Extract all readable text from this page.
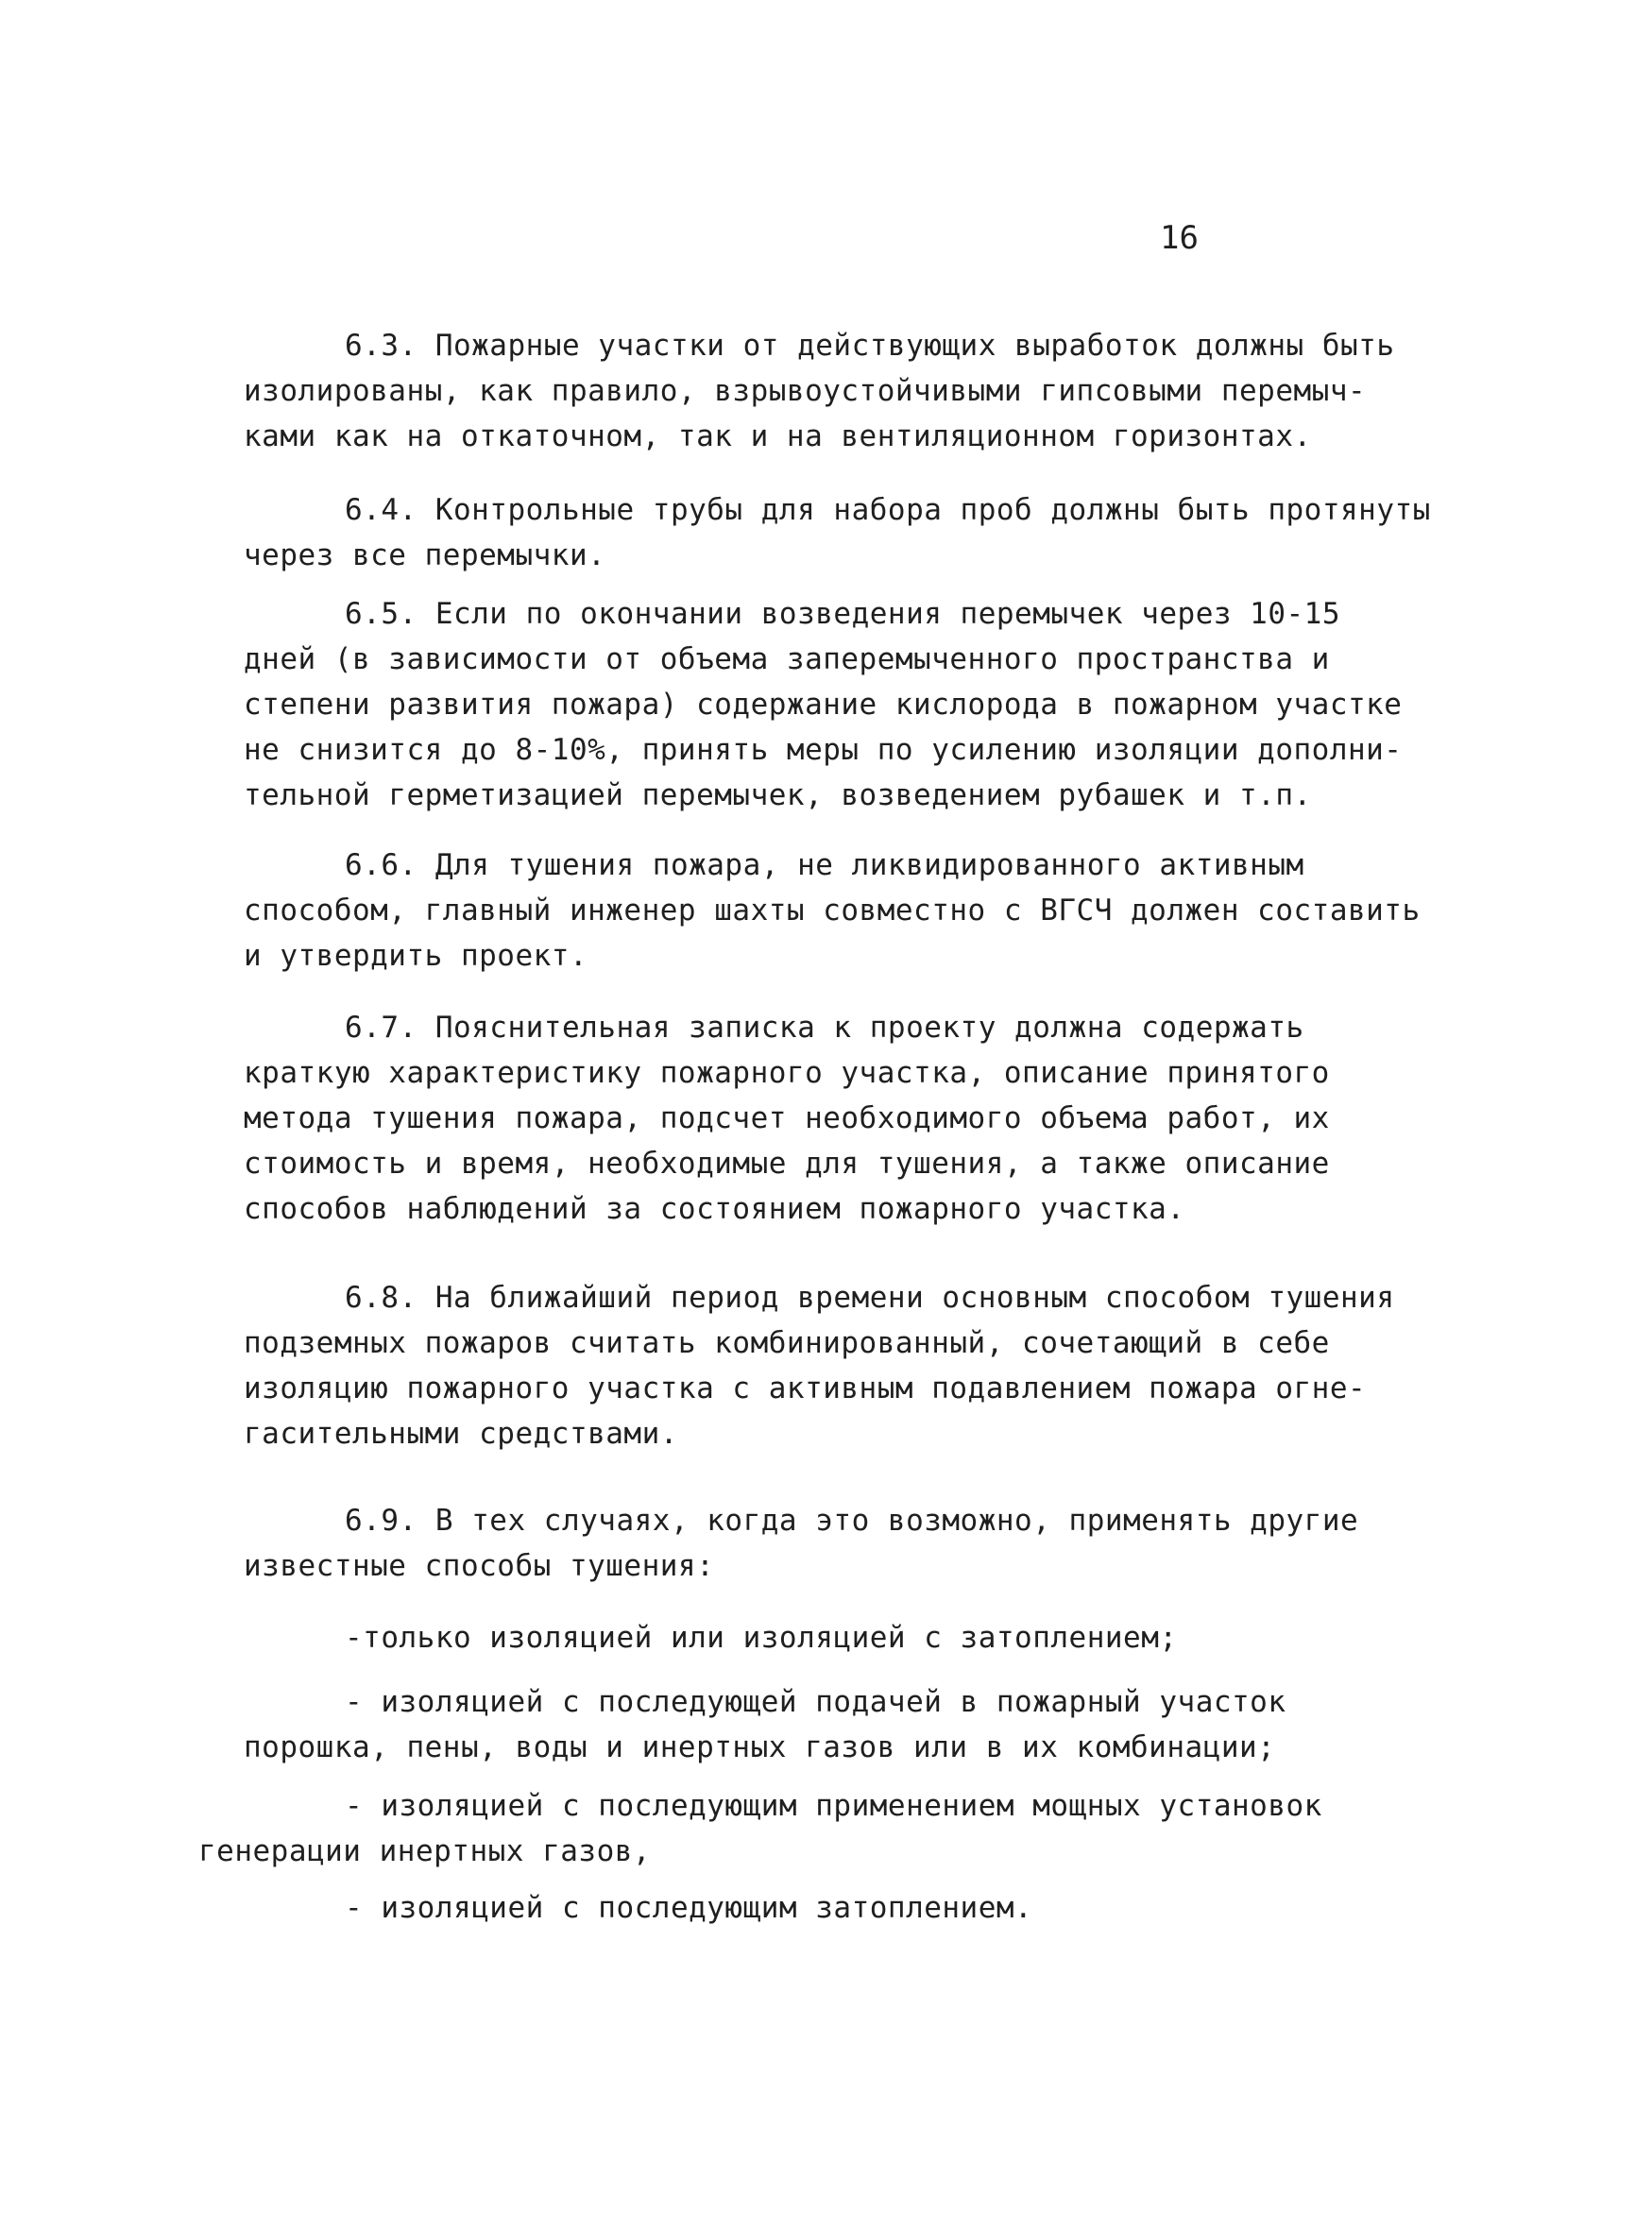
16
6.3. Пожарные участки от действующих выработок должны быть
изолированы, как правило, взрывоустойчивыми гипсовыми перемыч-
ками как на откаточном, так и на вентиляционном горизонтах.
6.4. Контрольные трубы для набора проб должны быть протянуты
через все перемычки.
6.5. Если по окончании возведения перемычек через 10-15
дней (в зависимости от объема заперемыченного пространства и
степени развития пожара) содержание кислорода в пожарном участке
не снизится до 8-10%, принять меры по усилению изоляции дополни-
тельной герметизацией перемычек, возведением рубашек и т.п.
6.6. Для тушения пожара, не ликвидированного активным
способом, главный инженер шахты совместно с ВГСЧ должен составить
и утвердить проект.
6.7. Пояснительная записка к проекту должна содержать
краткую характеристику пожарного участка, описание принятого
метода тушения пожара, подсчет необходимого объема работ, их
стоимость и время, необходимые для тушения, а также описание
способов наблюдений за состоянием пожарного участка.
6.8. На ближайший период времени основным способом тушения
подземных пожаров считать комбинированный, сочетающий в себе
изоляцию пожарного участка с активным подавлением пожара огне-
гасительными средствами.
6.9. В тех случаях, когда это возможно, применять другие
известные способы тушения:
-только изоляцией или изоляцией с затоплением;
- изоляцией с последующей подачей в пожарный участок
порошка, пены, воды и инертных газов или в их комбинации;
- изоляцией с последующим применением мощных установок
генерации инертных газов,
- изоляцией с последующим затоплением.
